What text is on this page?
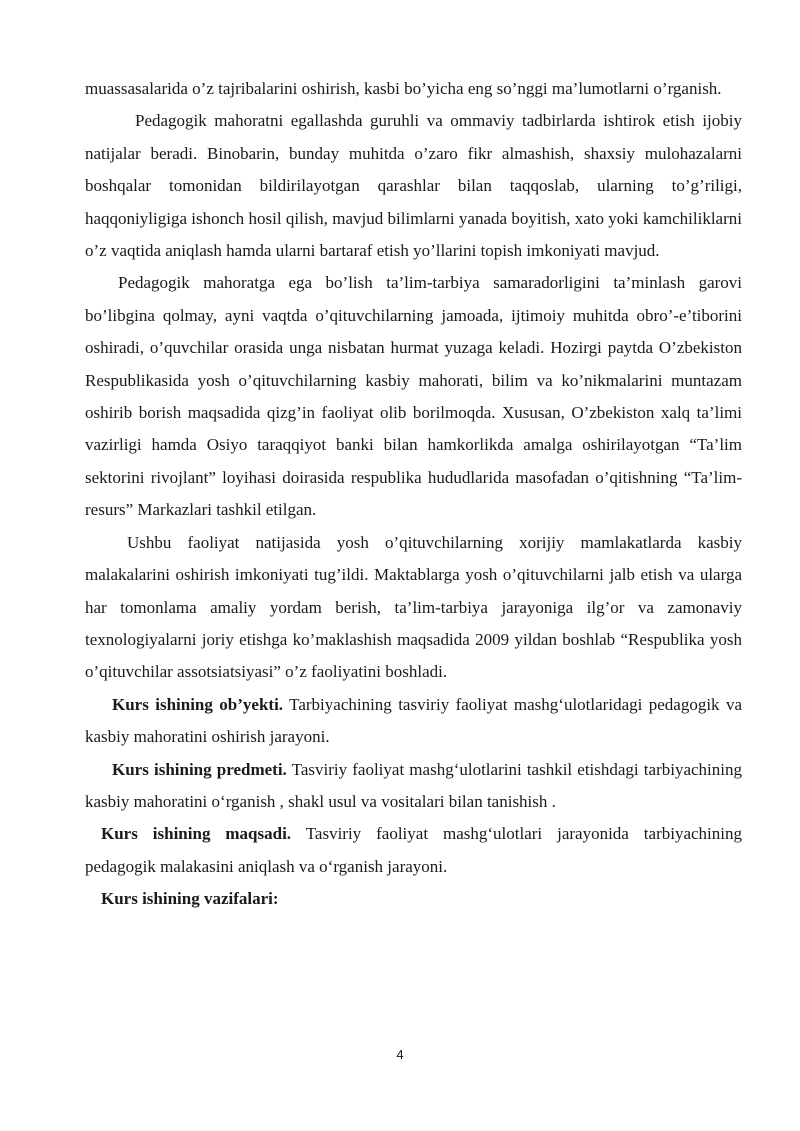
muassasalarida o’z tajribalarini oshirish, kasbi bo’yicha eng so’nggi ma’lumotlarni o’rganish.

Pedagogik mahoratni egallashda guruhli va ommaviy tadbirlarda ishtirok etish ijobiy natijalar beradi. Binobarin, bunday muhitda o’zaro fikr almashish, shaxsiy mulohazalarni boshqalar tomonidan bildirilayotgan qarashlar bilan taqqoslab, ularning to’g’riligi, haqqoniyligiga ishonch hosil qilish, mavjud bilimlarni yanada boyitish, xato yoki kamchiliklarni o’z vaqtida aniqlash hamda ularni bartaraf etish yo’llarini topish imkoniyati mavjud.

Pedagogik mahoratga ega bo’lish ta’lim-tarbiya samaradorligini ta’minlash garovi bo’libgina qolmay, ayni vaqtda o’qituvchilarning jamoada, ijtimoiy muhitda obro’-e’tiborini oshiradi, o’quvchilar orasida unga nisbatan hurmat yuzaga keladi. Hozirgi paytda O’zbekiston Respublikasida yosh o’qituvchilarning kasbiy mahorati, bilim va ko’nikmalarini muntazam oshirib borish maqsadida qizg’in faoliyat olib borilmoqda. Xususan, O’zbekiston xalq ta’limi vazirligi hamda Osiyo taraqqiyot banki bilan hamkorlikda amalga oshirilayotgan “Ta’lim sektorini rivojlant” loyihasi doirasida respublika hududlarida masofadan o’qitishning “Ta’lim-resurs” Markazlari tashkil etilgan.

Ushbu faoliyat natijasida yosh o’qituvchilarning xorijiy mamlakatlarda kasbiy malakalarini oshirish imkoniyati tug’ildi. Maktablarga yosh o’qituvchilarni jalb etish va ularga har tomonlama amaliy yordam berish, ta’lim-tarbiya jarayoniga ilg’or va zamonaviy texnologiyalarni joriy etishga ko’maklashish maqsadida 2009 yildan boshlab “Respublika yosh o’qituvchilar assotsiatsiyasi” o’z faoliyatini boshladi.

Kurs ishining ob’yekti. Tarbiyachining tasviriy faoliyat mashg‘ulotlaridagi pedagogik va kasbiy mahoratini oshirish jarayoni.

Kurs ishining predmeti. Tasviriy faoliyat mashg‘ulotlarini tashkil etishdagi tarbiyachining kasbiy mahoratini o‘rganish , shakl usul va vositalari bilan tanishish .

Kurs ishining maqsadi. Tasviriy faoliyat mashg‘ulotlari jarayonida tarbiyachining pedagogik malakasini aniqlash va o‘rganish jarayoni.

Kurs ishining vazifalari:

4
